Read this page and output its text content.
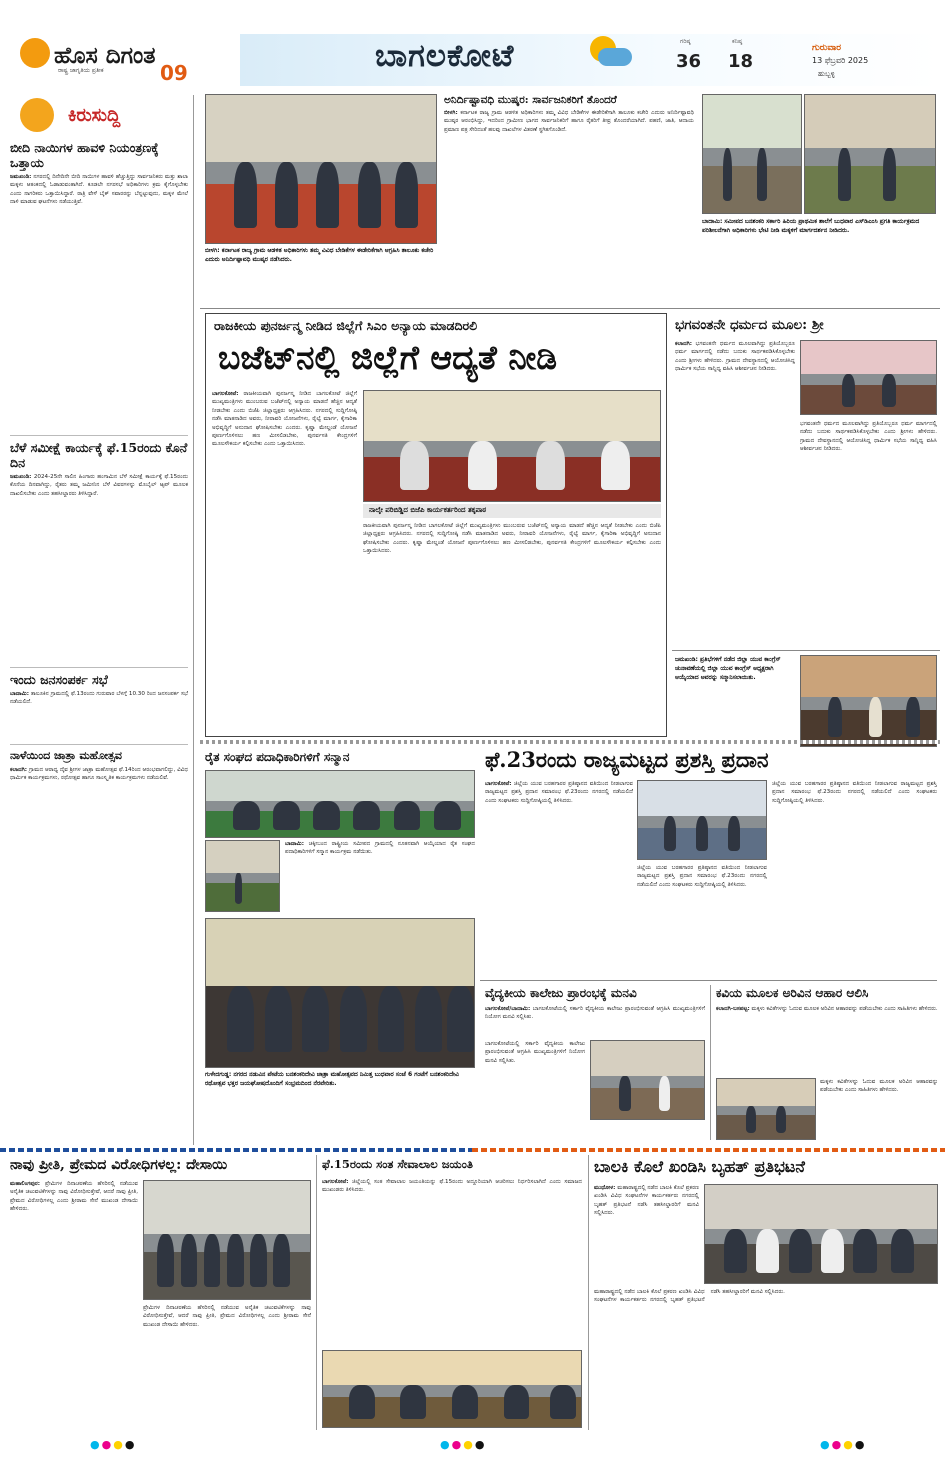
ಹೊಸ ದಿಗಂತ
ರಾಷ್ಟ್ರ ಜಾಗೃತಿಯ ಪ್ರತೀಕ	09	ಬಾಗಲಕೋಟೆ	ಗರಿಷ್ಠ
36
ಕನಿಷ್ಠ
18
ಗುರುವಾರ
13 ಫೆಬ್ರವರಿ 2025
ಹುಬ್ಬಳ್ಳಿ
ಕಿರುಸುದ್ದಿ
ಬೀದಿ ನಾಯಿಗಳ ಹಾವಳಿ ನಿಯಂತ್ರಣಕ್ಕೆ ಒತ್ತಾಯ
ಜಮಖಂಡಿ: ನಗರದಲ್ಲಿ ದಿನೇದಿನೇ ಬೀದಿ ನಾಯಿಗಳ ಹಾವಳಿ ಹೆಚ್ಚುತ್ತಿದ್ದು ಸಾರ್ವಜನಿಕರು ಮತ್ತು ಶಾಲಾ ಮಕ್ಕಳು ಆತಂಕದಲ್ಲಿ ಓಡಾಡುವಂತಾಗಿದೆ. ಕೂಡಲೇ ನಗರಸಭೆ ಅಧಿಕಾರಿಗಳು ಕ್ರಮ ಕೈಗೊಳ್ಳಬೇಕು ಎಂದು ನಾಗರಿಕರು ಒತ್ತಾಯಿಸಿದ್ದಾರೆ. ರಾತ್ರಿ ವೇಳೆ ಬೈಕ್ ಸವಾರರನ್ನು ಬೆನ್ನಟ್ಟುವುದು, ಮಕ್ಕಳ ಮೇಲೆ ದಾಳಿ ಮಾಡುವ ಘಟನೆಗಳು ನಡೆಯುತ್ತಿವೆ.
ಬೆಳೆ ಸಮೀಕ್ಷೆ ಕಾರ್ಯಕ್ಕೆ ಫೆ.15ರಂದು ಕೊನೆ ದಿನ
ಜಮಖಂಡಿ: 2024-25ನೇ ಸಾಲಿನ ಹಿಂಗಾರು ಹಂಗಾಮಿನ ಬೆಳೆ ಸಮೀಕ್ಷೆ ಕಾರ್ಯಕ್ಕೆ ಫೆ.15ರಂದು ಕೊನೆಯ ದಿನವಾಗಿದ್ದು, ರೈತರು ತಮ್ಮ ಜಮೀನಿನ ಬೆಳೆ ವಿವರಗಳನ್ನು ಮೊಬೈಲ್ ಆ್ಯಪ್ ಮೂಲಕ ದಾಖಲಿಸಬೇಕು ಎಂದು ತಹಸೀಲ್ದಾರರು ತಿಳಿಸಿದ್ದಾರೆ.
ಇಂದು ಜನಸಂಪರ್ಕ ಸಭೆ
ಬಾದಾಮಿ: ತಾಲೂಕಿನ ಗ್ರಾಮದಲ್ಲಿ ಫೆ.13ರಂದು ಗುರುವಾರ ಬೆಳಗ್ಗೆ 10.30 ರಿಂದ ಜನಸಂಪರ್ಕ ಸಭೆ ನಡೆಯಲಿದೆ.
ನಾಳೆಯಿಂದ ಜಾತ್ರಾ ಮಹೋತ್ಸವ
ಕಲಾದಗಿ: ಗ್ರಾಮದ ಆರಾಧ್ಯ ದೈವ ಶ್ರೀಗಳ ಜಾತ್ರಾ ಮಹೋತ್ಸವ ಫೆ.14ರಿಂದ ಆರಂಭವಾಗಲಿದ್ದು, ವಿವಿಧ ಧಾರ್ಮಿಕ ಕಾರ್ಯಕ್ರಮಗಳು, ರಥೋತ್ಸವ ಹಾಗೂ ಸಾಂಸ್ಕೃತಿಕ ಕಾರ್ಯಕ್ರಮಗಳು ನಡೆಯಲಿವೆ.
ಬೀಳಗಿ: ಕರ್ನಾಟಕ ರಾಜ್ಯ ಗ್ರಾಮ ಆಡಳಿತ ಅಧಿಕಾರಿಗಳು ತಮ್ಮ ವಿವಿಧ ಬೇಡಿಕೆಗಳ ಈಡೇರಿಕೆಗಾಗಿ ಆಗ್ರಹಿಸಿ ತಾಲೂಕು ಕಚೇರಿ ಎದುರು ಅನಿರ್ದಿಷ್ಟಾವಧಿ ಮುಷ್ಕರ ನಡೆಸಿದರು.
ಅನಿರ್ದಿಷ್ಟಾವಧಿ ಮುಷ್ಕರ: ಸಾರ್ವಜನಿಕರಿಗೆ ತೊಂದರೆ
ಬೀಳಗಿ: ಕರ್ನಾಟಕ ರಾಜ್ಯ ಗ್ರಾಮ ಆಡಳಿತ ಅಧಿಕಾರಿಗಳು ತಮ್ಮ ವಿವಿಧ ಬೇಡಿಕೆಗಳ ಈಡೇರಿಕೆಗಾಗಿ ತಾಲೂಕು ಕಚೇರಿ ಎದುರು ಅನಿರ್ದಿಷ್ಟಾವಧಿ ಮುಷ್ಕರ ಆರಂಭಿಸಿದ್ದು, ಇದರಿಂದ ಗ್ರಾಮೀಣ ಭಾಗದ ಸಾರ್ವಜನಿಕರಿಗೆ ಹಾಗೂ ರೈತರಿಗೆ ತೀವ್ರ ತೊಂದರೆಯಾಗಿದೆ. ಪಹಣಿ, ಜಾತಿ, ಆದಾಯ ಪ್ರಮಾಣ ಪತ್ರ ಸೇರಿದಂತೆ ಹಲವು ದಾಖಲೆಗಳ ವಿತರಣೆ ಸ್ಥಗಿತಗೊಂಡಿದೆ.
ಬಾದಾಮಿ: ಸಮೀಪದ ಬನಶಂಕರಿ ಸರ್ಕಾರಿ ಹಿರಿಯ ಪ್ರಾಥಮಿಕ ಶಾಲೆಗೆ ಬುಧವಾರ ಎಸ್‌ಡಿಎಂಸಿ ಪ್ರಗತಿ ಕಾರ್ಯಕ್ರಮದ ಪರಿಶೀಲನೆಗಾಗಿ ಅಧಿಕಾರಿಗಳು ಭೇಟಿ ನೀಡಿ ಮಕ್ಕಳಿಗೆ ಮಾರ್ಗದರ್ಶನ ನೀಡಿದರು.
ರಾಜಕೀಯ ಪುನರ್ಜನ್ಮ ನೀಡಿದ ಜಿಲ್ಲೆಗೆ ಸಿಎಂ ಅನ್ಯಾಯ ಮಾಡದಿರಲಿ
ಬಜೆಟ್‌ನಲ್ಲಿ ಜಿಲ್ಲೆಗೆ ಆದ್ಯತೆ ನೀಡಿ
ಬಾಗಲಕೋಟೆ: ರಾಜಕೀಯವಾಗಿ ಪುನರ್ಜನ್ಮ ನೀಡಿದ ಬಾಗಲಕೋಟೆ ಜಿಲ್ಲೆಗೆ ಮುಖ್ಯಮಂತ್ರಿಗಳು ಮುಂಬರುವ ಬಜೆಟ್‌ನಲ್ಲಿ ಅನ್ಯಾಯ ಮಾಡದೆ ಹೆಚ್ಚಿನ ಆದ್ಯತೆ ನೀಡಬೇಕು ಎಂದು ಬಿಜೆಪಿ ಜಿಲ್ಲಾಧ್ಯಕ್ಷರು ಆಗ್ರಹಿಸಿದರು. ನಗರದಲ್ಲಿ ಸುದ್ದಿಗೋಷ್ಠಿ ನಡೆಸಿ ಮಾತನಾಡಿದ ಅವರು, ನೀರಾವರಿ ಯೋಜನೆಗಳು, ರೈಲ್ವೆ ಮಾರ್ಗ, ಕೈಗಾರಿಕಾ ಅಭಿವೃದ್ಧಿಗೆ ಅನುದಾನ ಘೋಷಿಸಬೇಕು ಎಂದರು. ಕೃಷ್ಣಾ ಮೇಲ್ದಂಡೆ ಯೋಜನೆ ಪೂರ್ಣಗೊಳಿಸಲು ಹಣ ಮೀಸಲಿಡಬೇಕು, ಪುನರ್ವಸತಿ ಕೇಂದ್ರಗಳಿಗೆ ಮೂಲಸೌಕರ್ಯ ಕಲ್ಪಿಸಬೇಕು ಎಂದು ಒತ್ತಾಯಿಸಿದರು.
ನಾಲ್ಕೇ ಪರಿಬಿಡ್ಡಿದ ಬಿಜೆಪಿ ಕಾರ್ಯಕರ್ತರಿಂದ ತಕ್ಕಪಾಠ
ರಾಜಕೀಯವಾಗಿ ಪುನರ್ಜನ್ಮ ನೀಡಿದ ಬಾಗಲಕೋಟೆ ಜಿಲ್ಲೆಗೆ ಮುಖ್ಯಮಂತ್ರಿಗಳು ಮುಂಬರುವ ಬಜೆಟ್‌ನಲ್ಲಿ ಅನ್ಯಾಯ ಮಾಡದೆ ಹೆಚ್ಚಿನ ಆದ್ಯತೆ ನೀಡಬೇಕು ಎಂದು ಬಿಜೆಪಿ ಜಿಲ್ಲಾಧ್ಯಕ್ಷರು ಆಗ್ರಹಿಸಿದರು. ನಗರದಲ್ಲಿ ಸುದ್ದಿಗೋಷ್ಠಿ ನಡೆಸಿ ಮಾತನಾಡಿದ ಅವರು, ನೀರಾವರಿ ಯೋಜನೆಗಳು, ರೈಲ್ವೆ ಮಾರ್ಗ, ಕೈಗಾರಿಕಾ ಅಭಿವೃದ್ಧಿಗೆ ಅನುದಾನ ಘೋಷಿಸಬೇಕು ಎಂದರು. ಕೃಷ್ಣಾ ಮೇಲ್ದಂಡೆ ಯೋಜನೆ ಪೂರ್ಣಗೊಳಿಸಲು ಹಣ ಮೀಸಲಿಡಬೇಕು, ಪುನರ್ವಸತಿ ಕೇಂದ್ರಗಳಿಗೆ ಮೂಲಸೌಕರ್ಯ ಕಲ್ಪಿಸಬೇಕು ಎಂದು ಒತ್ತಾಯಿಸಿದರು.
ಭಗವಂತನೇ ಧರ್ಮದ ಮೂಲ: ಶ್ರೀ
ಕಲಾದಗಿ: ಭಗವಂತನೇ ಧರ್ಮದ ಮೂಲವಾಗಿದ್ದು ಪ್ರತಿಯೊಬ್ಬರೂ ಧರ್ಮ ಮಾರ್ಗದಲ್ಲಿ ನಡೆದು ಬದುಕು ಸಾರ್ಥಕಪಡಿಸಿಕೊಳ್ಳಬೇಕು ಎಂದು ಶ್ರೀಗಳು ಹೇಳಿದರು. ಗ್ರಾಮದ ದೇವಸ್ಥಾನದಲ್ಲಿ ಆಯೋಜಿಸಿದ್ದ ಧಾರ್ಮಿಕ ಸಭೆಯ ಸಾನ್ನಿಧ್ಯ ವಹಿಸಿ ಆಶೀರ್ವಚನ ನೀಡಿದರು.
ಭಗವಂತನೇ ಧರ್ಮದ ಮೂಲವಾಗಿದ್ದು ಪ್ರತಿಯೊಬ್ಬರೂ ಧರ್ಮ ಮಾರ್ಗದಲ್ಲಿ ನಡೆದು ಬದುಕು ಸಾರ್ಥಕಪಡಿಸಿಕೊಳ್ಳಬೇಕು ಎಂದು ಶ್ರೀಗಳು ಹೇಳಿದರು. ಗ್ರಾಮದ ದೇವಸ್ಥಾನದಲ್ಲಿ ಆಯೋಜಿಸಿದ್ದ ಧಾರ್ಮಿಕ ಸಭೆಯ ಸಾನ್ನಿಧ್ಯ ವಹಿಸಿ ಆಶೀರ್ವಚನ ನೀಡಿದರು.
ಜಮಖಂಡಿ: ಪ್ರತಿಭೆಗಳಿಗೆ ನಡೆದ ಜಿಲ್ಲಾ ಯುವ ಕಾಂಗ್ರೆಸ್ ಚುನಾವಣೆಯಲ್ಲಿ ಜಿಲ್ಲಾ ಯುವ ಕಾಂಗ್ರೆಸ್ ಅಧ್ಯಕ್ಷರಾಗಿ ಆಯ್ಕೆಯಾದ ಅವರನ್ನು ಸನ್ಮಾನಿಸಲಾಯಿತು.
ರೈತ ಸಂಘದ ಪದಾಧಿಕಾರಿಗಳಿಗೆ ಸನ್ಮಾನ
ಬಾದಾಮಿ: ಚಕ್ಕೀಬಂದ ರಾಷ್ಟ್ರೀಯ ಸಮೀಪದ ಗ್ರಾಮದಲ್ಲಿ ನೂತನವಾಗಿ ಆಯ್ಕೆಯಾದ ರೈತ ಸಂಘದ ಪದಾಧಿಕಾರಿಗಳಿಗೆ ಸನ್ಮಾನ ಕಾರ್ಯಕ್ರಮ ನಡೆಯಿತು.
ಗುಳೇದಗುಡ್ಡ: ನಗರದ ನಡುವಿನ ಪೇಟೆಯ ಬನಶಂಕರಿದೇವಿ ಜಾತ್ರಾ ಮಹೋತ್ಸವದ ನಿಮಿತ್ತ ಬುಧವಾರ ಸಂಜೆ 6 ಗಂಟೆಗೆ ಬನಶಂಕರಿದೇವಿ ರಥೋತ್ಸವ ಭಕ್ತರ ಜಯಘೋಷದೊಂದಿಗೆ ಸಂಭ್ರಮದಿಂದ ನೆರವೇರಿತು.
ಫೆ.23ರಂದು ರಾಜ್ಯಮಟ್ಟದ ಪ್ರಶಸ್ತಿ ಪ್ರದಾನ
ಬಾಗಲಕೋಟೆ: ಜಿಲ್ಲೆಯ ಯುವ ಬರಹಗಾರರ ಪ್ರತಿಷ್ಠಾನದ ವತಿಯಿಂದ ನೀಡಲಾಗುವ ರಾಜ್ಯಮಟ್ಟದ ಪ್ರಶಸ್ತಿ ಪ್ರದಾನ ಸಮಾರಂಭ ಫೆ.23ರಂದು ನಗರದಲ್ಲಿ ನಡೆಯಲಿದೆ ಎಂದು ಸಂಘಟಕರು ಸುದ್ದಿಗೋಷ್ಠಿಯಲ್ಲಿ ತಿಳಿಸಿದರು.
ಜಿಲ್ಲೆಯ ಯುವ ಬರಹಗಾರರ ಪ್ರತಿಷ್ಠಾನದ ವತಿಯಿಂದ ನೀಡಲಾಗುವ ರಾಜ್ಯಮಟ್ಟದ ಪ್ರಶಸ್ತಿ ಪ್ರದಾನ ಸಮಾರಂಭ ಫೆ.23ರಂದು ನಗರದಲ್ಲಿ ನಡೆಯಲಿದೆ ಎಂದು ಸಂಘಟಕರು ಸುದ್ದಿಗೋಷ್ಠಿಯಲ್ಲಿ ತಿಳಿಸಿದರು.
ಜಿಲ್ಲೆಯ ಯುವ ಬರಹಗಾರರ ಪ್ರತಿಷ್ಠಾನದ ವತಿಯಿಂದ ನೀಡಲಾಗುವ ರಾಜ್ಯಮಟ್ಟದ ಪ್ರಶಸ್ತಿ ಪ್ರದಾನ ಸಮಾರಂಭ ಫೆ.23ರಂದು ನಗರದಲ್ಲಿ ನಡೆಯಲಿದೆ ಎಂದು ಸಂಘಟಕರು ಸುದ್ದಿಗೋಷ್ಠಿಯಲ್ಲಿ ತಿಳಿಸಿದರು.
ವೈದ್ಯಕೀಯ ಕಾಲೇಜು ಪ್ರಾರಂಭಕ್ಕೆ ಮನವಿ
ಬಾಗಲಕೋಟೆ/ಬಾದಾಮಿ: ಬಾಗಲಕೋಟೆಯಲ್ಲಿ ಸರ್ಕಾರಿ ವೈದ್ಯಕೀಯ ಕಾಲೇಜು ಪ್ರಾರಂಭಿಸುವಂತೆ ಆಗ್ರಹಿಸಿ ಮುಖ್ಯಮಂತ್ರಿಗಳಿಗೆ ನಿಯೋಗ ಮನವಿ ಸಲ್ಲಿಸಿತು.
ಬಾಗಲಕೋಟೆಯಲ್ಲಿ ಸರ್ಕಾರಿ ವೈದ್ಯಕೀಯ ಕಾಲೇಜು ಪ್ರಾರಂಭಿಸುವಂತೆ ಆಗ್ರಹಿಸಿ ಮುಖ್ಯಮಂತ್ರಿಗಳಿಗೆ ನಿಯೋಗ ಮನವಿ ಸಲ್ಲಿಸಿತು.
ಕವಿಯ ಮೂಲಕ ಅರಿವಿನ ಆಹಾರ ಆಲಿಸಿ
ಕಲಾದಗಿ-ಬಸಪಟ್ಟ: ಮಕ್ಕಳು ಕವಿತೆಗಳನ್ನು ಓದುವ ಮೂಲಕ ಅರಿವಿನ ಆಹಾರವನ್ನು ಪಡೆಯಬೇಕು ಎಂದು ಸಾಹಿತಿಗಳು ಹೇಳಿದರು.
ಮಕ್ಕಳು ಕವಿತೆಗಳನ್ನು ಓದುವ ಮೂಲಕ ಅರಿವಿನ ಆಹಾರವನ್ನು ಪಡೆಯಬೇಕು ಎಂದು ಸಾಹಿತಿಗಳು ಹೇಳಿದರು.
ನಾವು ಪ್ರೀತಿ, ಪ್ರೇಮದ ವಿರೋಧಿಗಳಲ್ಲ: ದೇಸಾಯಿ
ಮಹಾಲಿಂಗಪುರ: ಪ್ರೇಮಿಗಳ ದಿನಾಚರಣೆಯ ಹೆಸರಿನಲ್ಲಿ ನಡೆಯುವ ಅನೈತಿಕ ಚಟುವಟಿಕೆಗಳನ್ನು ನಾವು ವಿರೋಧಿಸುತ್ತೇವೆ, ಆದರೆ ನಾವು ಪ್ರೀತಿ, ಪ್ರೇಮದ ವಿರೋಧಿಗಳಲ್ಲ ಎಂದು ಶ್ರೀರಾಮ ಸೇನೆ ಮುಖಂಡ ದೇಸಾಯಿ ಹೇಳಿದರು.
ಪ್ರೇಮಿಗಳ ದಿನಾಚರಣೆಯ ಹೆಸರಿನಲ್ಲಿ ನಡೆಯುವ ಅನೈತಿಕ ಚಟುವಟಿಕೆಗಳನ್ನು ನಾವು ವಿರೋಧಿಸುತ್ತೇವೆ, ಆದರೆ ನಾವು ಪ್ರೀತಿ, ಪ್ರೇಮದ ವಿರೋಧಿಗಳಲ್ಲ ಎಂದು ಶ್ರೀರಾಮ ಸೇನೆ ಮುಖಂಡ ದೇಸಾಯಿ ಹೇಳಿದರು.
ಫೆ.15ರಂದು ಸಂತ ಸೇವಾಲಾಲ ಜಯಂತಿ
ಬಾಗಲಕೋಟೆ: ಜಿಲ್ಲೆಯಲ್ಲಿ ಸಂತ ಸೇವಾಲಾಲ ಜಯಂತಿಯನ್ನು ಫೆ.15ರಂದು ಅದ್ದೂರಿಯಾಗಿ ಆಚರಿಸಲು ನಿರ್ಧರಿಸಲಾಗಿದೆ ಎಂದು ಸಮಾಜದ ಮುಖಂಡರು ತಿಳಿಸಿದರು.
ಬಾಲಕಿ ಕೊಲೆ ಖಂಡಿಸಿ ಬೃಹತ್ ಪ್ರತಿಭಟನೆ
ಮುಧೋಳ: ಮಹಾರಾಷ್ಟ್ರದಲ್ಲಿ ನಡೆದ ಬಾಲಕಿ ಕೊಲೆ ಪ್ರಕರಣ ಖಂಡಿಸಿ ವಿವಿಧ ಸಂಘಟನೆಗಳ ಕಾರ್ಯಕರ್ತರು ನಗರದಲ್ಲಿ ಬೃಹತ್ ಪ್ರತಿಭಟನೆ ನಡೆಸಿ ತಹಸೀಲ್ದಾರರಿಗೆ ಮನವಿ ಸಲ್ಲಿಸಿದರು.
ಮಹಾರಾಷ್ಟ್ರದಲ್ಲಿ ನಡೆದ ಬಾಲಕಿ ಕೊಲೆ ಪ್ರಕರಣ ಖಂಡಿಸಿ ವಿವಿಧ ಸಂಘಟನೆಗಳ ಕಾರ್ಯಕರ್ತರು ನಗರದಲ್ಲಿ ಬೃಹತ್ ಪ್ರತಿಭಟನೆ ನಡೆಸಿ ತಹಸೀಲ್ದಾರರಿಗೆ ಮನವಿ ಸಲ್ಲಿಸಿದರು.
●●●●	●●●●	●●●●
